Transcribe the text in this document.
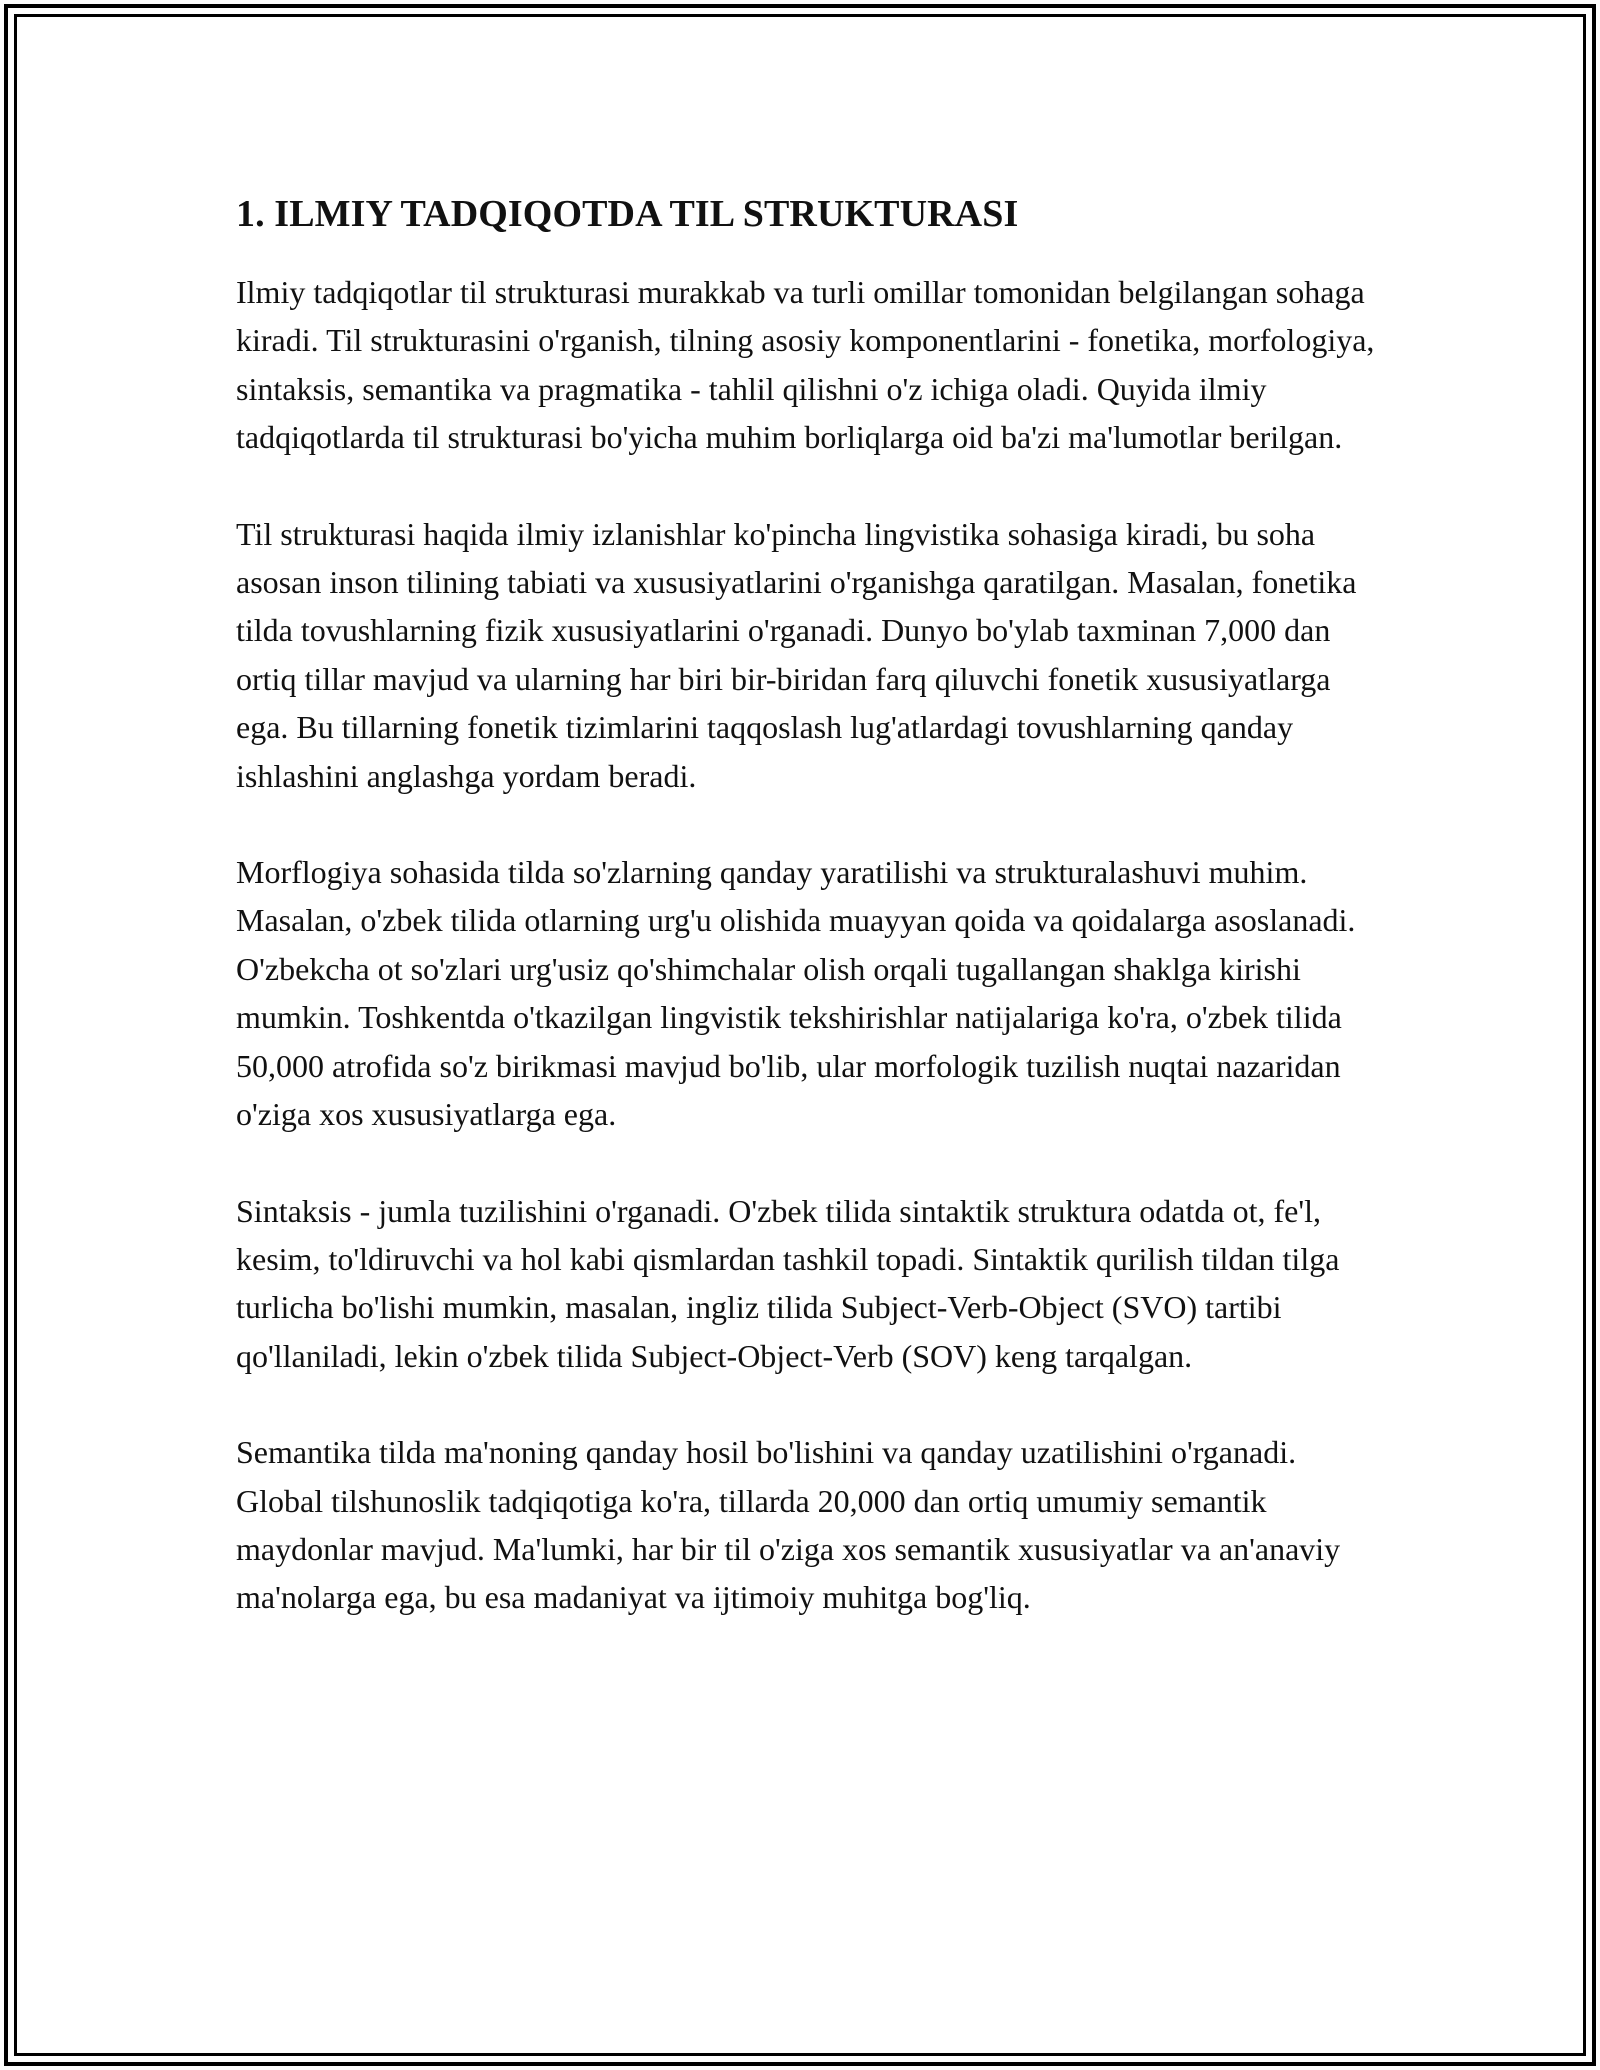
1. ILMIY TADQIQOTDA TIL STRUKTURASI

Ilmiy tadqiqotlar til strukturasi murakkab va turli omillar tomonidan belgilangan sohaga kiradi. Til strukturasini o'rganish, tilning asosiy komponentlarini - fonetika, morfologiya, sintaksis, semantika va pragmatika - tahlil qilishni o'z ichiga oladi. Quyida ilmiy tadqiqotlarda til strukturasi bo'yicha muhim borliqlarga oid ba'zi ma'lumotlar berilgan.

Til strukturasi haqida ilmiy izlanishlar ko'pincha lingvistika sohasiga kiradi, bu soha asosan inson tilining tabiati va xususiyatlarini o'rganishga qaratilgan. Masalan, fonetika tilda tovushlarning fizik xususiyatlarini o'rganadi. Dunyo bo'ylab taxminan 7,000 dan ortiq tillar mavjud va ularning har biri bir-biridan farq qiluvchi fonetik xususiyatlarga ega. Bu tillarning fonetik tizimlarini taqqoslash lug'atlardagi tovushlarning qanday ishlashini anglashga yordam beradi.

Morflogiya sohasida tilda so'zlarning qanday yaratilishi va strukturalashuvi muhim. Masalan, o'zbek tilida otlarning urg'u olishida muayyan qoida va qoidalarga asoslanadi. O'zbekcha ot so'zlari urg'usiz qo'shimchalar olish orqali tugallangan shaklga kirishi mumkin. Toshkentda o'tkazilgan lingvistik tekshirishlar natijalariga ko'ra, o'zbek tilida 50,000 atrofida so'z birikmasi mavjud bo'lib, ular morfologik tuzilish nuqtai nazaridan o'ziga xos xususiyatlarga ega.

Sintaksis - jumla tuzilishini o'rganadi. O'zbek tilida sintaktik struktura odatda ot, fe'l, kesim, to'ldiruvchi va hol kabi qismlardan tashkil topadi. Sintaktik qurilish tildan tilga turlicha bo'lishi mumkin, masalan, ingliz tilida Subject-Verb-Object (SVO) tartibi qo'llaniladi, lekin o'zbek tilida Subject-Object-Verb (SOV) keng tarqalgan.

Semantika tilda ma'noning qanday hosil bo'lishini va qanday uzatilishini o'rganadi. Global tilshunoslik tadqiqotiga ko'ra, tillarda 20,000 dan ortiq umumiy semantik maydonlar mavjud. Ma'lumki, har bir til o'ziga xos semantik xususiyatlar va an'anaviy ma'nolarga ega, bu esa madaniyat va ijtimoiy muhitga bog'liq.
